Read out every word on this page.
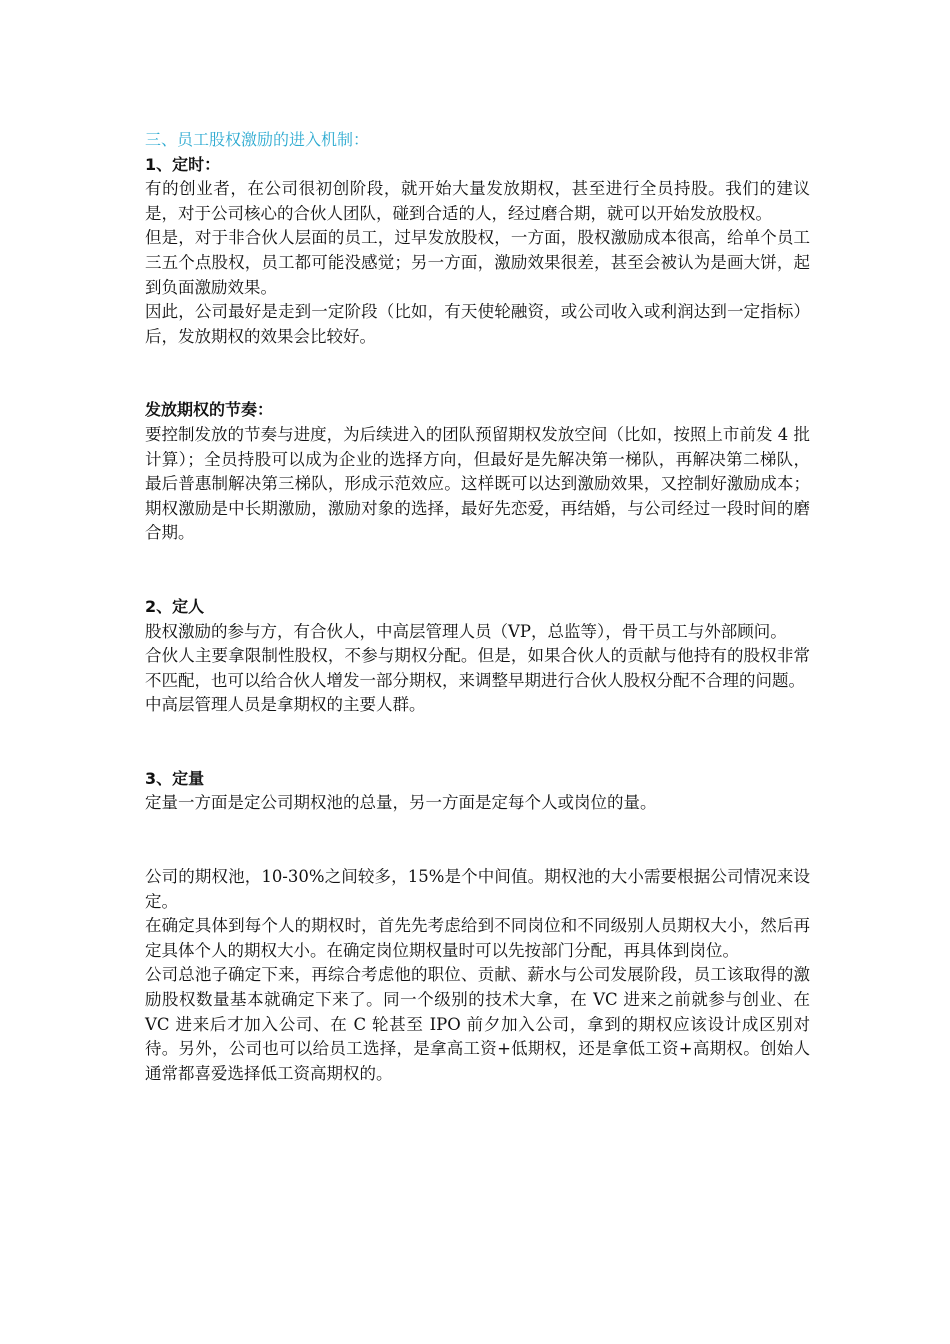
三、员工股权激励的进入机制：

1、定时：

有的创业者，在公司很初创阶段，就开始大量发放期权，甚至进行全员持股。我们的建议是，对于公司核心的合伙人团队，碰到合适的人，经过磨合期，就可以开始发放股权。

但是，对于非合伙人层面的员工，过早发放股权，一方面，股权激励成本很高，给单个员工三五个点股权，员工都可能没感觉；另一方面，激励效果很差，甚至会被认为是画大饼，起到负面激励效果。

因此，公司最好是走到一定阶段（比如，有天使轮融资，或公司收入或利润达到一定指标）后，发放期权的效果会比较好。

发放期权的节奏：

要控制发放的节奏与进度，为后续进入的团队预留期权发放空间（比如，按照上市前发 4 批计算）；全员持股可以成为企业的选择方向，但最好是先解决第一梯队，再解决第二梯队，最后普惠制解决第三梯队，形成示范效应。这样既可以达到激励效果，又控制好激励成本；期权激励是中长期激励，激励对象的选择，最好先恋爱，再结婚，与公司经过一段时间的磨合期。

2、定人

股权激励的参与方，有合伙人，中高层管理人员（VP，总监等），骨干员工与外部顾问。

合伙人主要拿限制性股权，不参与期权分配。但是，如果合伙人的贡献与他持有的股权非常不匹配，也可以给合伙人增发一部分期权，来调整早期进行合伙人股权分配不合理的问题。

中高层管理人员是拿期权的主要人群。

3、定量

定量一方面是定公司期权池的总量，另一方面是定每个人或岗位的量。

公司的期权池，10-30%之间较多，15%是个中间值。期权池的大小需要根据公司情况来设定。

在确定具体到每个人的期权时，首先先考虑给到不同岗位和不同级别人员期权大小，然后再定具体个人的期权大小。在确定岗位期权量时可以先按部门分配，再具体到岗位。

公司总池子确定下来，再综合考虑他的职位、贡献、薪水与公司发展阶段，员工该取得的激励股权数量基本就确定下来了。同一个级别的技术大拿，在 VC 进来之前就参与创业、在 VC 进来后才加入公司、在 C 轮甚至 IPO 前夕加入公司，拿到的期权应该设计成区别对待。另外，公司也可以给员工选择，是拿高工资+低期权，还是拿低工资+高期权。创始人通常都喜爱选择低工资高期权的。
